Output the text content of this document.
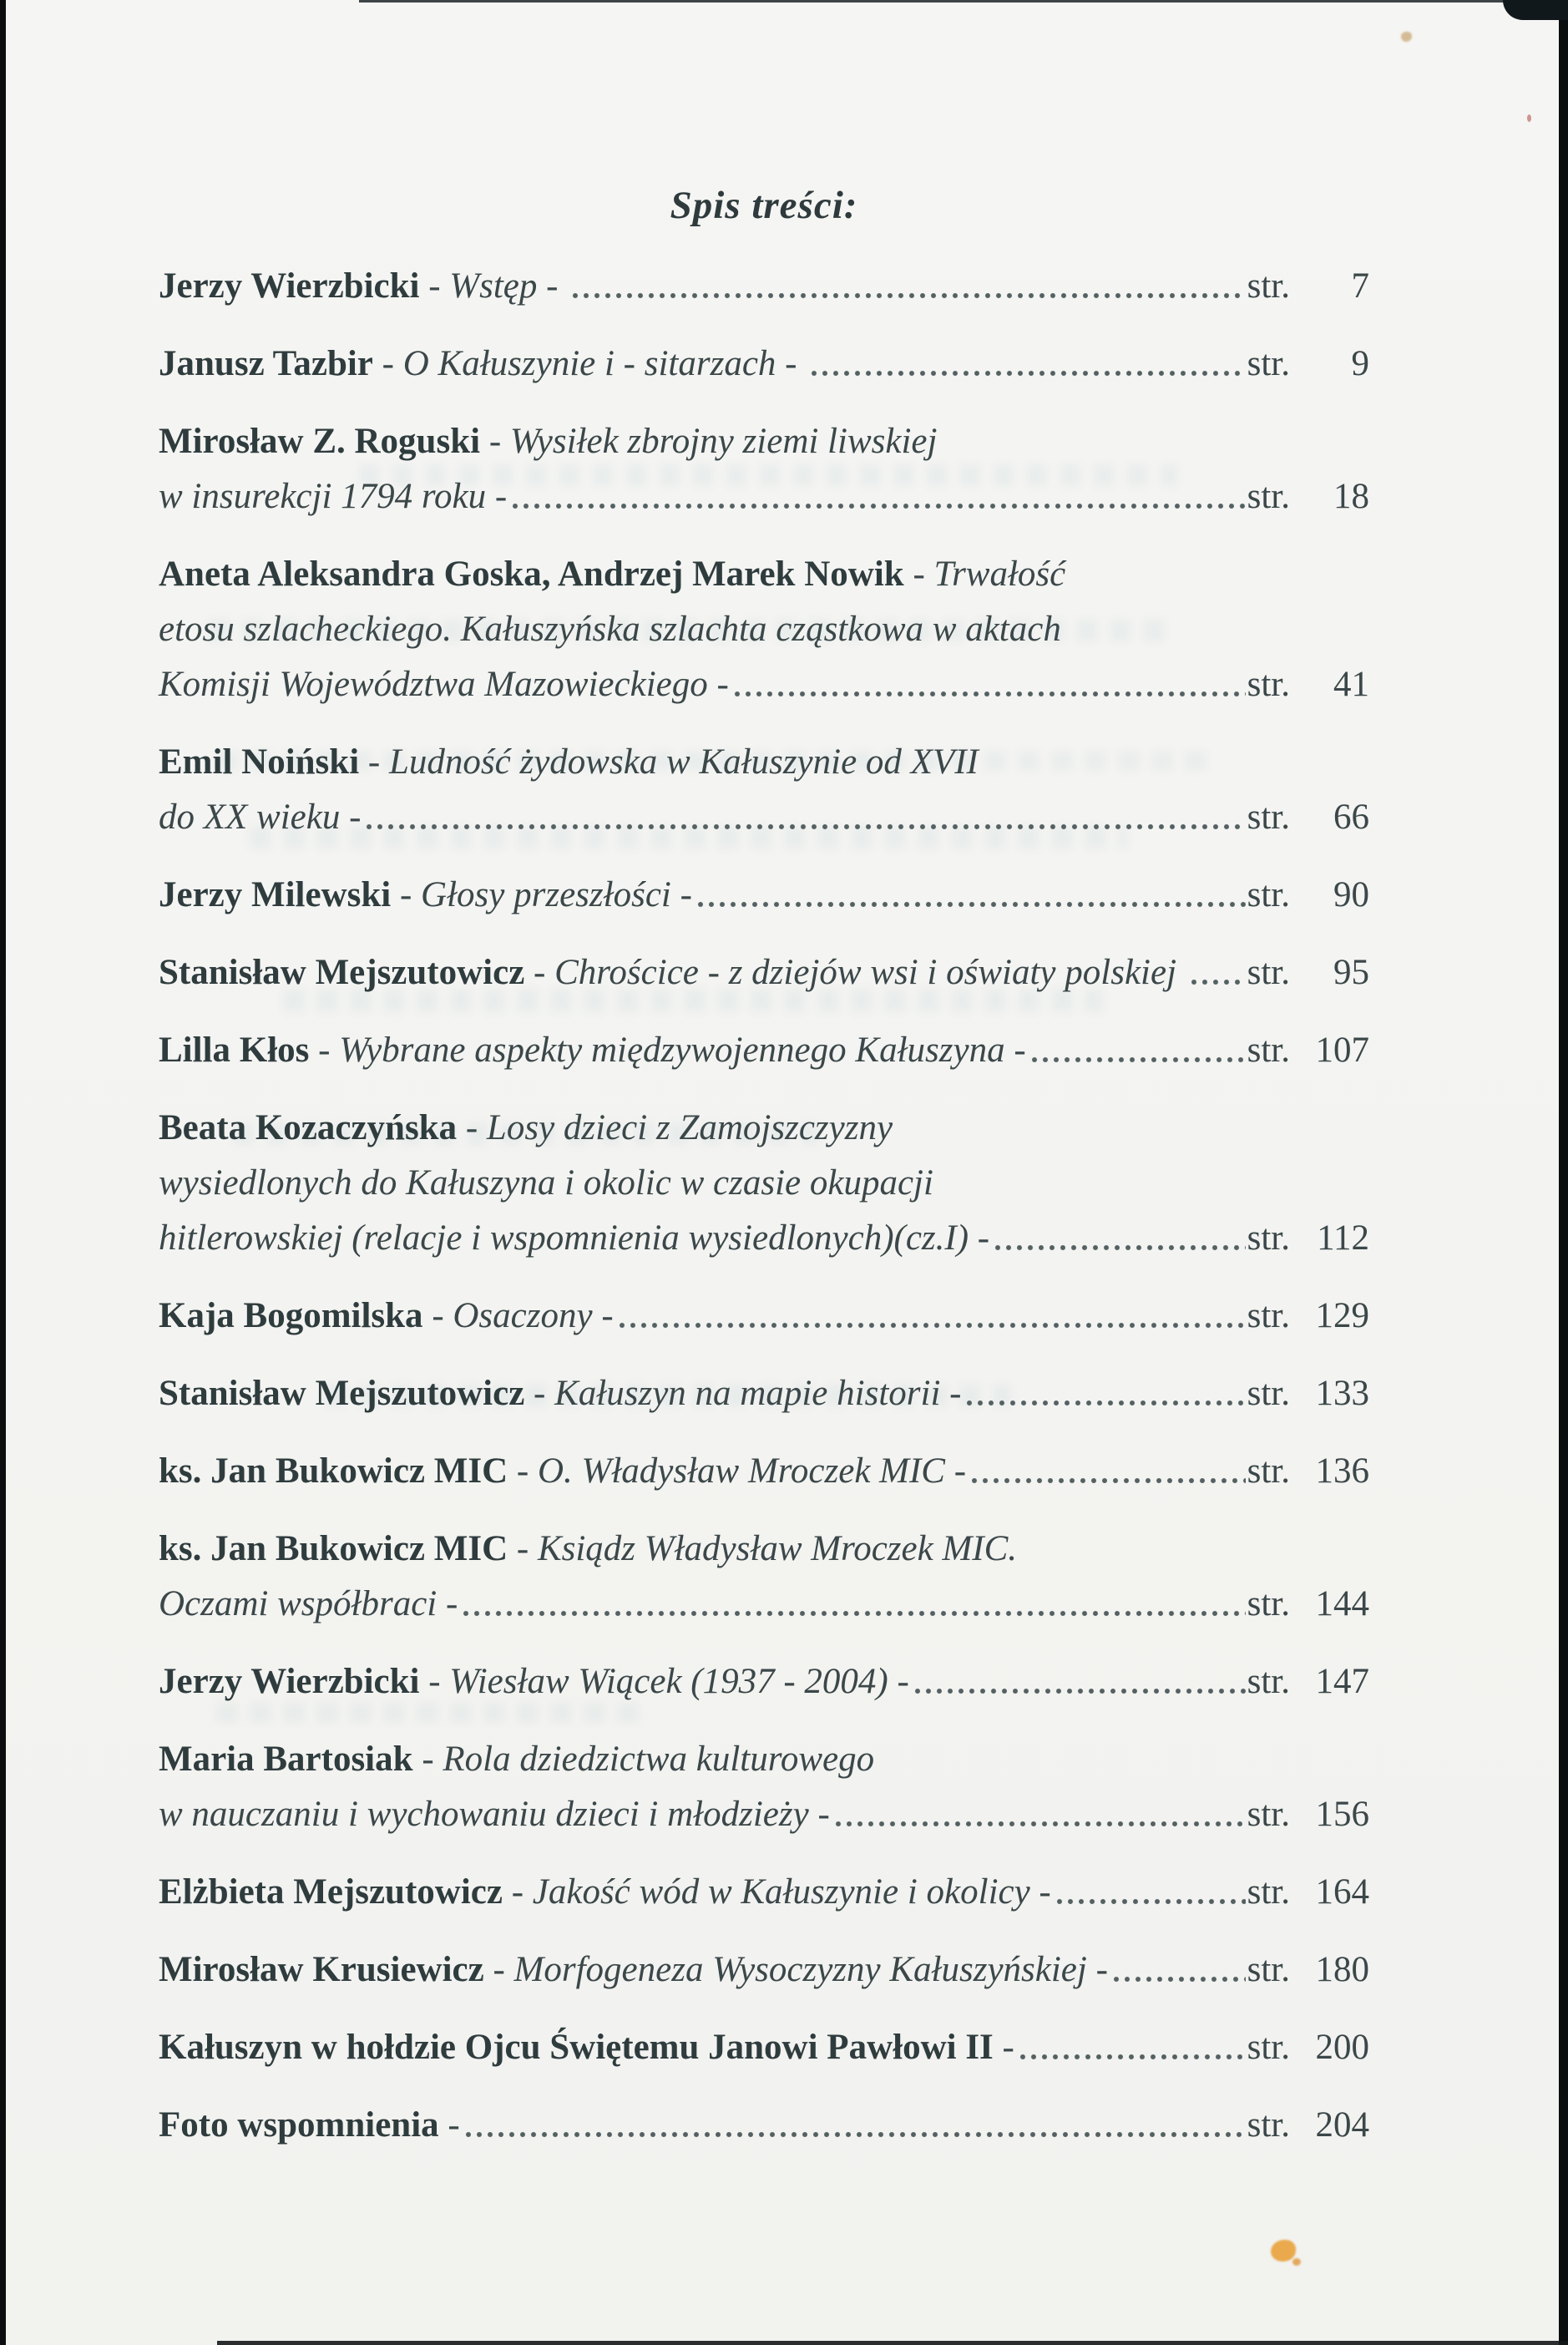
Spis treści:
Jerzy Wierzbicki - Wstęp -	str.	7
Janusz Tazbir - O Kałuszynie i - sitarzach -	str.	9
Mirosław Z. Roguski - Wysiłek zbrojny ziemi liwskiej
w insurekcji 1794 roku -	str.	18
Aneta Aleksandra Goska, Andrzej Marek Nowik - Trwałość
etosu szlacheckiego. Kałuszyńska szlachta cząstkowa w aktach
Komisji Województwa Mazowieckiego -	str.	41
Emil Noiński - Ludność żydowska w Kałuszynie od XVII
do XX wieku -	str.	66
Jerzy Milewski - Głosy przeszłości -	str.	90
Stanisław Mejszutowicz - Chrościce - z dziejów wsi i oświaty polskiej str.	95
Lilla Kłos - Wybrane aspekty międzywojennego Kałuszyna -	str. 107
Beata Kozaczyńska - Losy dzieci z Zamojszczyzny
wysiedlonych do Kałuszyna i okolic w czasie okupacji
hitlerowskiej (relacje i wspomnienia wysiedlonych)(cz.I) -	str. 112
Kaja Bogomilska - Osaczony -	str. 129
Stanisław Mejszutowicz - Kałuszyn na mapie historii -	str. 133
ks. Jan Bukowicz MIC - O. Władysław Mroczek MIC -	str. 136
ks. Jan Bukowicz MIC - Ksiądz Władysław Mroczek MIC.
Oczami współbraci -	str. 144
Jerzy Wierzbicki - Wiesław Wiącek (1937 - 2004) -	str. 147
Maria Bartosiak - Rola dziedzictwa kulturowego
w nauczaniu i wychowaniu dzieci i młodzieży -	str. 156
Elżbieta Mejszutowicz - Jakość wód w Kałuszynie i okolicy -	str. 164
Mirosław Krusiewicz - Morfogeneza Wysoczyzny Kałuszyńskiej -	str. 180
Kałuszyn w hołdzie Ojcu Świętemu Janowi Pawłowi II -	str. 200
Foto wspomnienia -	str. 204
